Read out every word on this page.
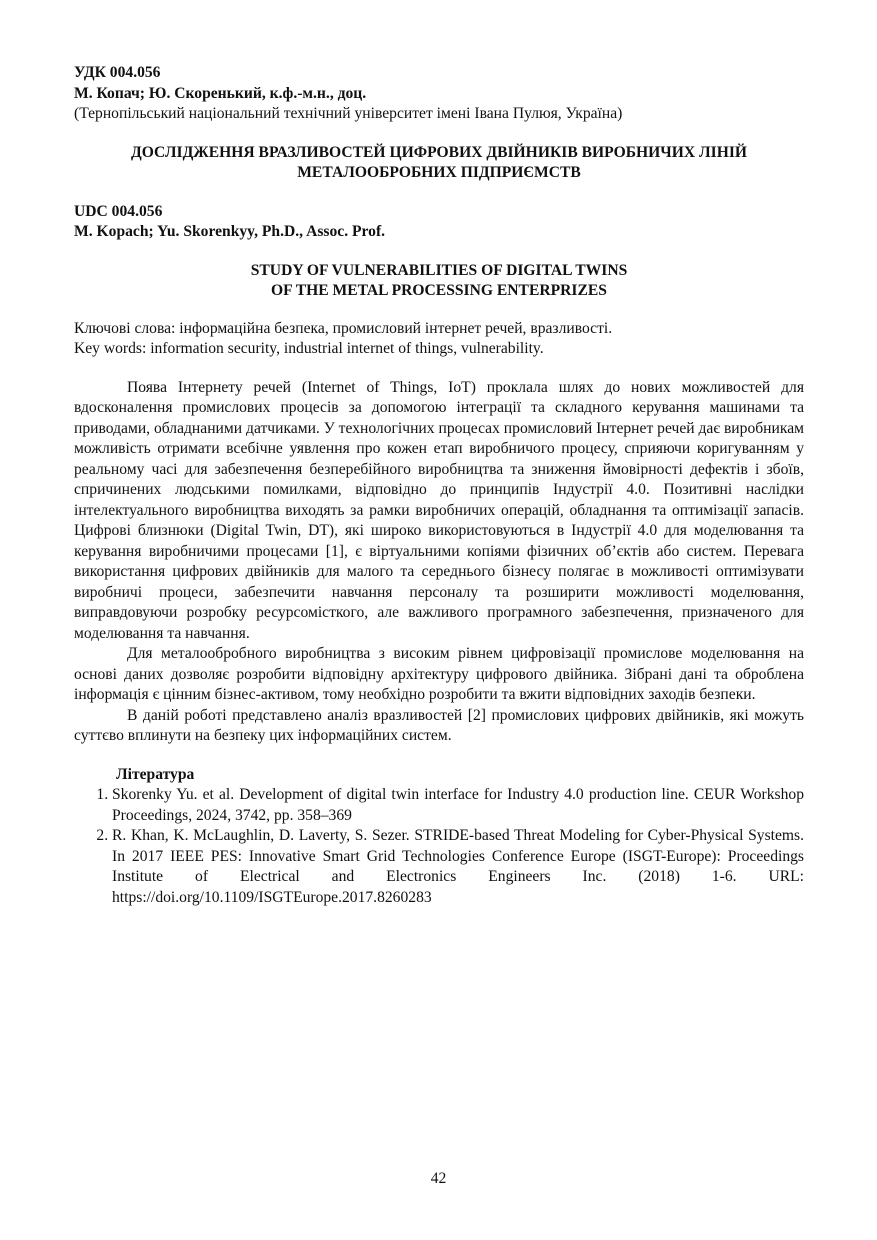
УДК 004.056
М. Копач; Ю. Скоренький, к.ф.-м.н., доц.
(Тернопільський національний технічний університет імені Івана Пулюя, Україна)
ДОСЛІДЖЕННЯ ВРАЗЛИВОСТЕЙ ЦИФРОВИХ ДВІЙНИКІВ ВИРОБНИЧИХ ЛІНІЙ
МЕТАЛООБРОБНИХ ПІДПРИЄМСТВ
UDC 004.056
M. Kopach; Yu. Skorenkyy, Ph.D., Assoc. Prof.
STUDY OF VULNERABILITIES OF DIGITAL TWINS
OF THE METAL PROCESSING ENTERPRIZES
Ключові слова: інформаційна безпека, промисловий інтернет речей, вразливості.
Key words: information security, industrial internet of things, vulnerability.

Поява Інтернету речей (Internet of Things, IoT) проклала шлях до нових можливостей для вдосконалення промислових процесів за допомогою інтеграції та складного керування машинами та приводами, обладнаними датчиками. У технологічних процесах промисловий Інтернет речей дає виробникам можливість отримати всебічне уявлення про кожен етап виробничого процесу, сприяючи коригуванням у реальному часі для забезпечення безперебійного виробництва та зниження ймовірності дефектів і збоїв, спричинених людськими помилками, відповідно до принципів Індустрії 4.0. Позитивні наслідки інтелектуального виробництва виходять за рамки виробничих операцій, обладнання та оптимізації запасів. Цифрові близнюки (Digital Twin, DT), які широко використовуються в Індустрії 4.0 для моделювання та керування виробничими процесами [1], є віртуальними копіями фізичних об’єктів або систем. Перевага використання цифрових двійників для малого та середнього бізнесу полягає в можливості оптимізувати виробничі процеси, забезпечити навчання персоналу та розширити можливості моделювання, виправдовуючи розробку ресурсомісткого, але важливого програмного забезпечення, призначеного для моделювання та навчання.

Для металообробного виробництва з високим рівнем цифровізації промислове моделювання на основі даних дозволяє розробити відповідну архітектуру цифрового двійника. Зібрані дані та оброблена інформація є цінним бізнес-активом, тому необхідно розробити та вжити відповідних заходів безпеки.

В даній роботі представлено аналіз вразливостей [2] промислових цифрових двійників, які можуть суттєво вплинути на безпеку цих інформаційних систем.

Література
1. Skorenky Yu. et al. Development of digital twin interface for Industry 4.0 production line. CEUR Workshop Proceedings, 2024, 3742, pp. 358–369
2. R. Khan, K. McLaughlin, D. Laverty, S. Sezer. STRIDE-based Threat Modeling for Cyber-Physical Systems. In 2017 IEEE PES: Innovative Smart Grid Technologies Conference Europe (ISGT-Europe): Proceedings Institute of Electrical and Electronics Engineers Inc. (2018) 1-6. URL: https://doi.org/10.1109/ISGTEurope.2017.8260283
42
